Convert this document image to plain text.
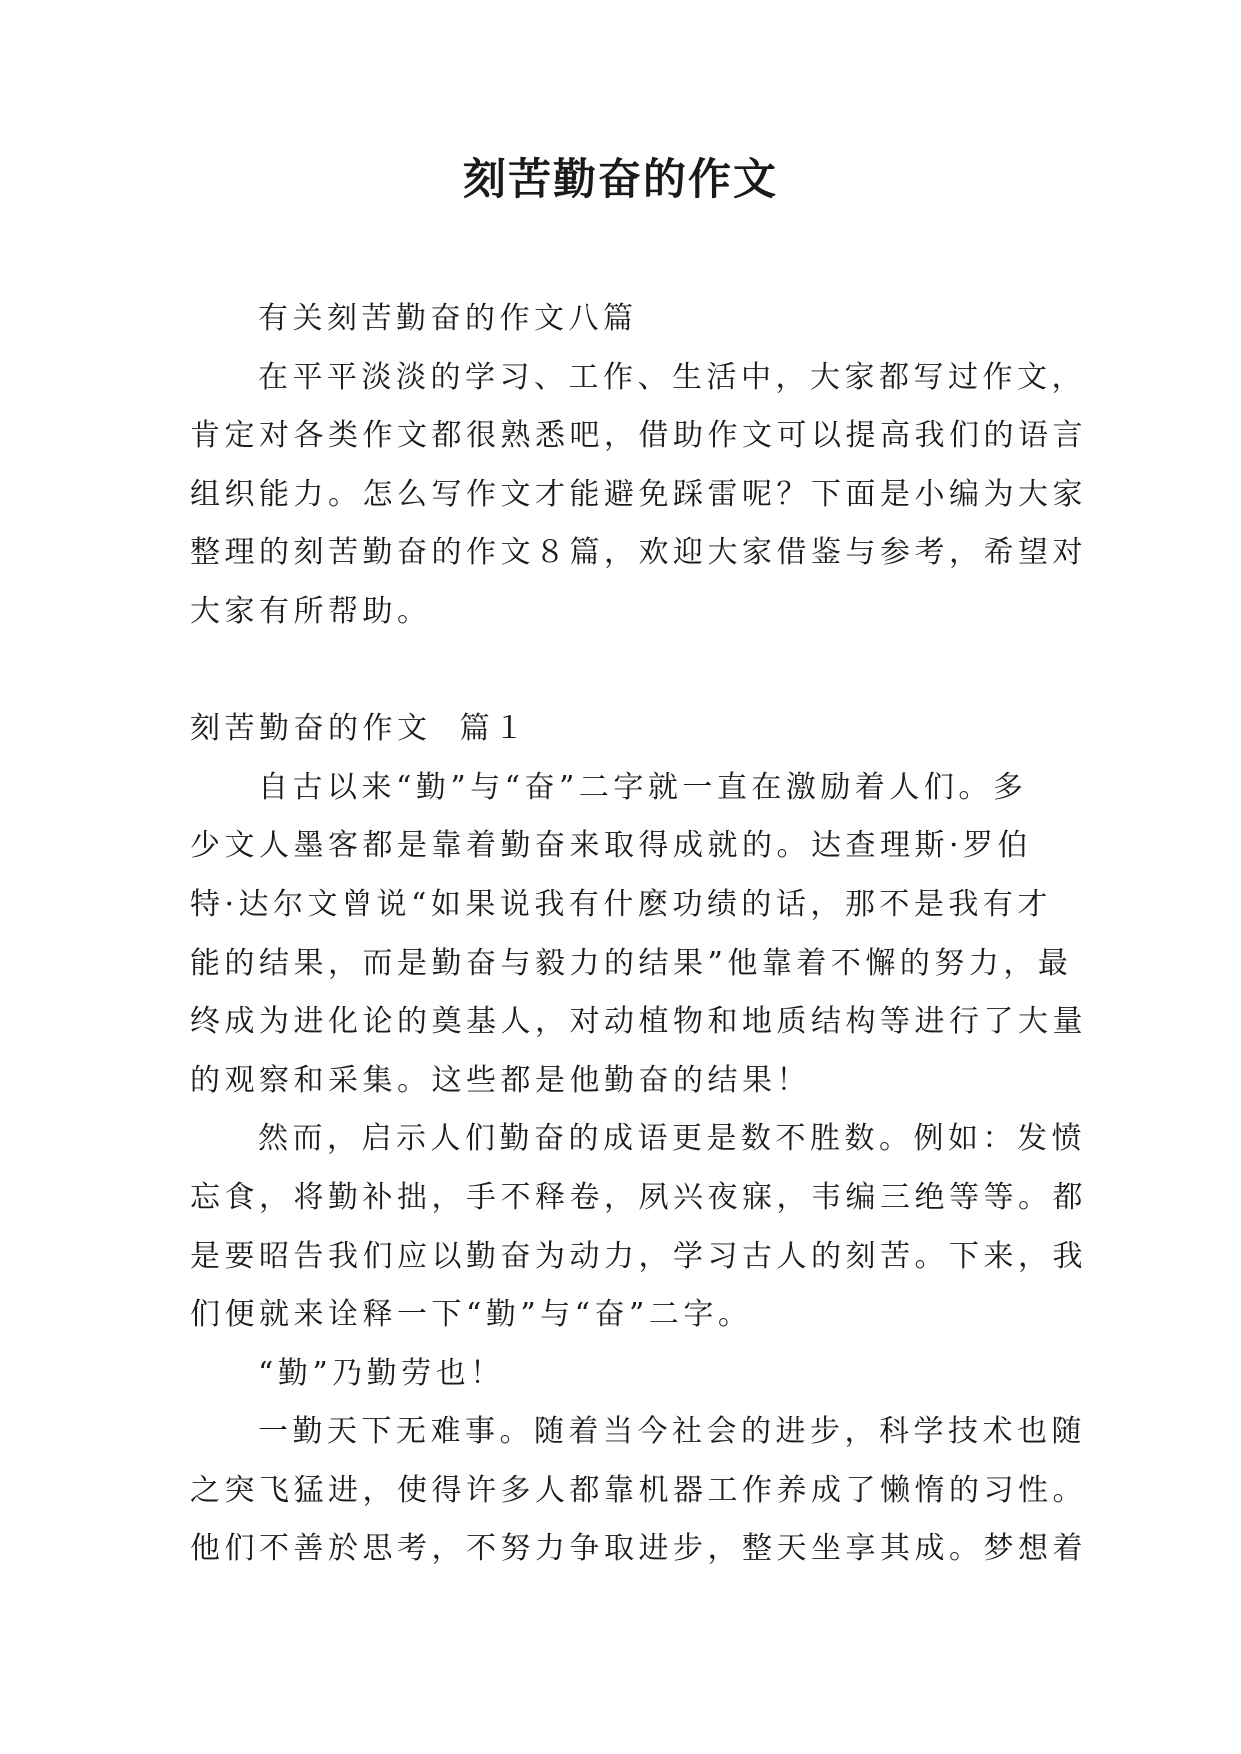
刻苦勤奋的作文
有关刻苦勤奋的作文八篇
在平平淡淡的学习、工作、生活中，大家都写过作文，
肯定对各类作文都很熟悉吧，借助作文可以提高我们的语言
组织能力。怎么写作文才能避免踩雷呢？下面是小编为大家
整理的刻苦勤奋的作文８篇，欢迎大家借鉴与参考，希望对
大家有所帮助。
刻苦勤奋的作文  篇１
自古以来“勤”与“奋”二字就一直在激励着人们。多
少文人墨客都是靠着勤奋来取得成就的。达查理斯·罗伯
特·达尔文曾说“如果说我有什麽功绩的话，那不是我有才
能的结果，而是勤奋与毅力的结果”他靠着不懈的努力，最
终成为进化论的奠基人，对动植物和地质结构等进行了大量
的观察和采集。这些都是他勤奋的结果！
然而，启示人们勤奋的成语更是数不胜数。例如：发愤
忘食，将勤补拙，手不释卷，夙兴夜寐，韦编三绝等等。都
是要昭告我们应以勤奋为动力，学习古人的刻苦。下来，我
们便就来诠释一下“勤”与“奋”二字。
“勤”乃勤劳也！
一勤天下无难事。随着当今社会的进步，科学技术也随
之突飞猛进，使得许多人都靠机器工作养成了懒惰的习性。
他们不善於思考，不努力争取进步，整天坐享其成。梦想着
